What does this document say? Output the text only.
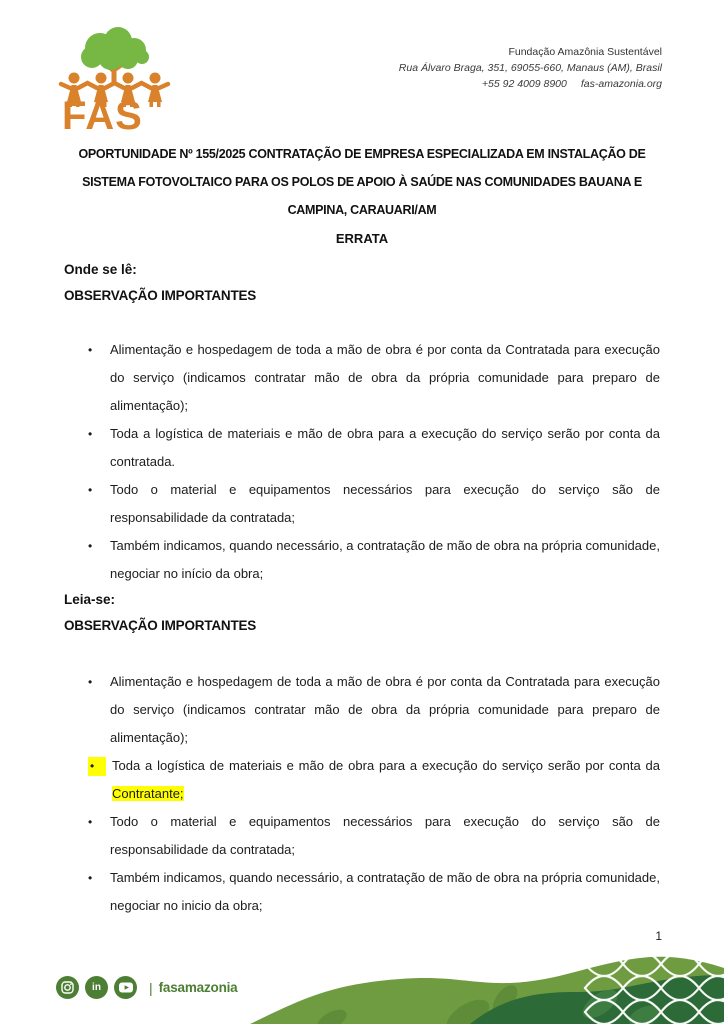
FAS
Fundação Amazônia Sustentável
Rua Álvaro Braga, 351, 69055-660, Manaus (AM), Brasil
+55 92 4009 8900 fas-amazonia.org
OPORTUNIDADE Nº 155/2025 CONTRATAÇÃO DE EMPRESA ESPECIALIZADA EM INSTALAÇÃO DE SISTEMA FOTOVOLTAICO PARA OS POLOS DE APOIO À SAÚDE NAS COMUNIDADES BAUANA E CAMPINA, CARAUARI/AM
ERRATA
Onde se lê:
OBSERVAÇÃO IMPORTANTES
•	Alimentação e hospedagem de toda a mão de obra é por conta da Contratada para execução do serviço (indicamos contratar mão de obra da própria comunidade para preparo de alimentação);
•	Toda a logística de materiais e mão de obra para a execução do serviço serão por conta da contratada.
•	Todo o material e equipamentos necessários para execução do serviço são de responsabilidade da contratada;
•	Também indicamos, quando necessário, a contratação de mão de obra na própria comunidade, negociar no início da obra;
Leia-se:
OBSERVAÇÃO IMPORTANTES
•	Alimentação e hospedagem de toda a mão de obra é por conta da Contratada para execução do serviço (indicamos contratar mão de obra da própria comunidade para preparo de alimentação);
•	Toda a logística de materiais e mão de obra para a execução do serviço serão por conta da Contratante;
•	Todo o material e equipamentos necessários para execução do serviço são de responsabilidade da contratada;
•	Também indicamos, quando necessário, a contratação de mão de obra na própria comunidade, negociar no inicio da obra;
1
in	| fasamazonia
